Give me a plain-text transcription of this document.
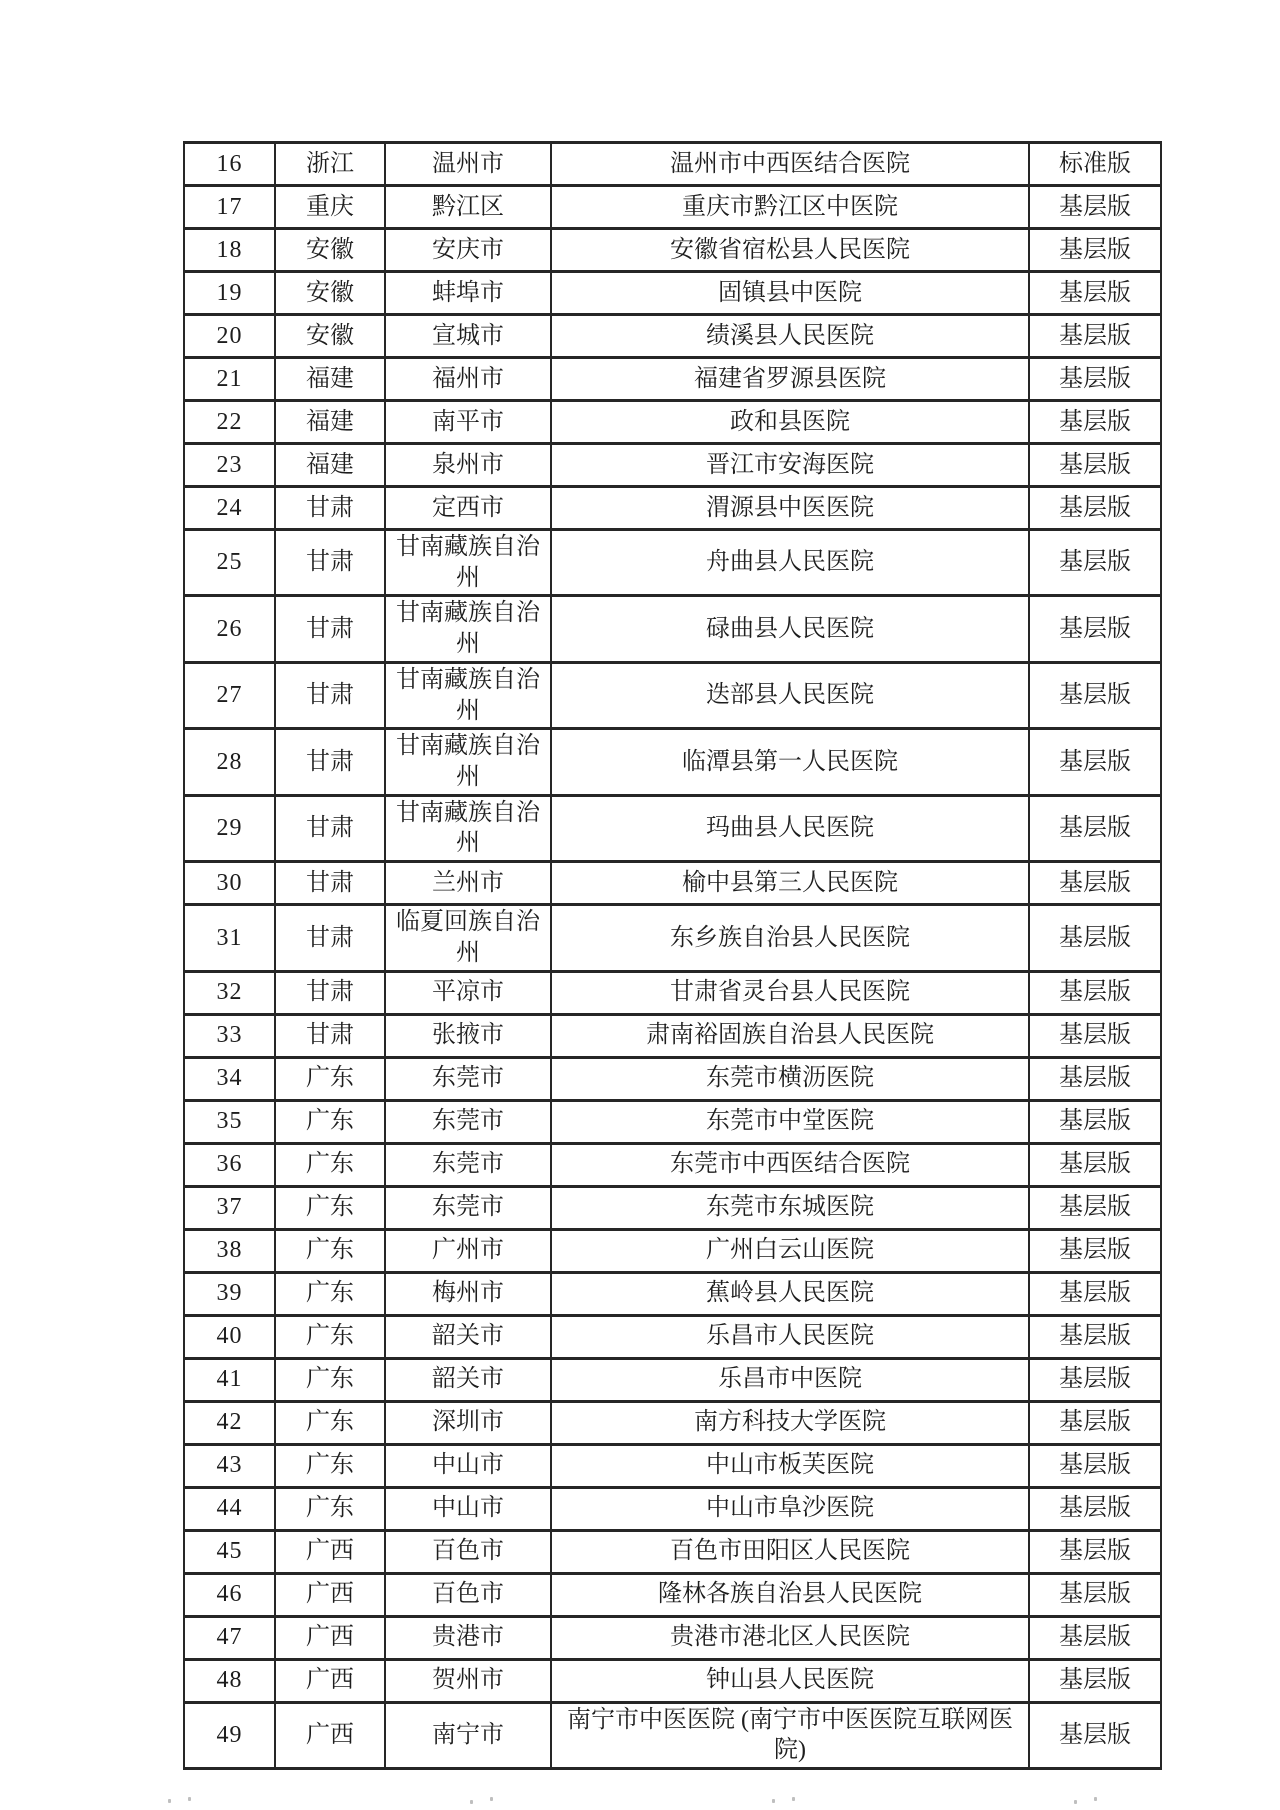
16	浙江	温州市	温州市中西医结合医院	标准版
17	重庆	黔江区	重庆市黔江区中医院	基层版
18	安徽	安庆市	安徽省宿松县人民医院	基层版
19	安徽	蚌埠市	固镇县中医院	基层版
20	安徽	宣城市	绩溪县人民医院	基层版
21	福建	福州市	福建省罗源县医院	基层版
22	福建	南平市	政和县医院	基层版
23	福建	泉州市	晋江市安海医院	基层版
24	甘肃	定西市	渭源县中医医院	基层版
25	甘肃	甘南藏族自治州	舟曲县人民医院	基层版
26	甘肃	甘南藏族自治州	碌曲县人民医院	基层版
27	甘肃	甘南藏族自治州	迭部县人民医院	基层版
28	甘肃	甘南藏族自治州	临潭县第一人民医院	基层版
29	甘肃	甘南藏族自治州	玛曲县人民医院	基层版
30	甘肃	兰州市	榆中县第三人民医院	基层版
31	甘肃	临夏回族自治州	东乡族自治县人民医院	基层版
32	甘肃	平凉市	甘肃省灵台县人民医院	基层版
33	甘肃	张掖市	肃南裕固族自治县人民医院	基层版
34	广东	东莞市	东莞市横沥医院	基层版
35	广东	东莞市	东莞市中堂医院	基层版
36	广东	东莞市	东莞市中西医结合医院	基层版
37	广东	东莞市	东莞市东城医院	基层版
38	广东	广州市	广州白云山医院	基层版
39	广东	梅州市	蕉岭县人民医院	基层版
40	广东	韶关市	乐昌市人民医院	基层版
41	广东	韶关市	乐昌市中医院	基层版
42	广东	深圳市	南方科技大学医院	基层版
43	广东	中山市	中山市板芙医院	基层版
44	广东	中山市	中山市阜沙医院	基层版
45	广西	百色市	百色市田阳区人民医院	基层版
46	广西	百色市	隆林各族自治县人民医院	基层版
47	广西	贵港市	贵港市港北区人民医院	基层版
48	广西	贺州市	钟山县人民医院	基层版
49	广西	南宁市	南宁市中医医院 (南宁市中医医院互联网医院)	基层版
